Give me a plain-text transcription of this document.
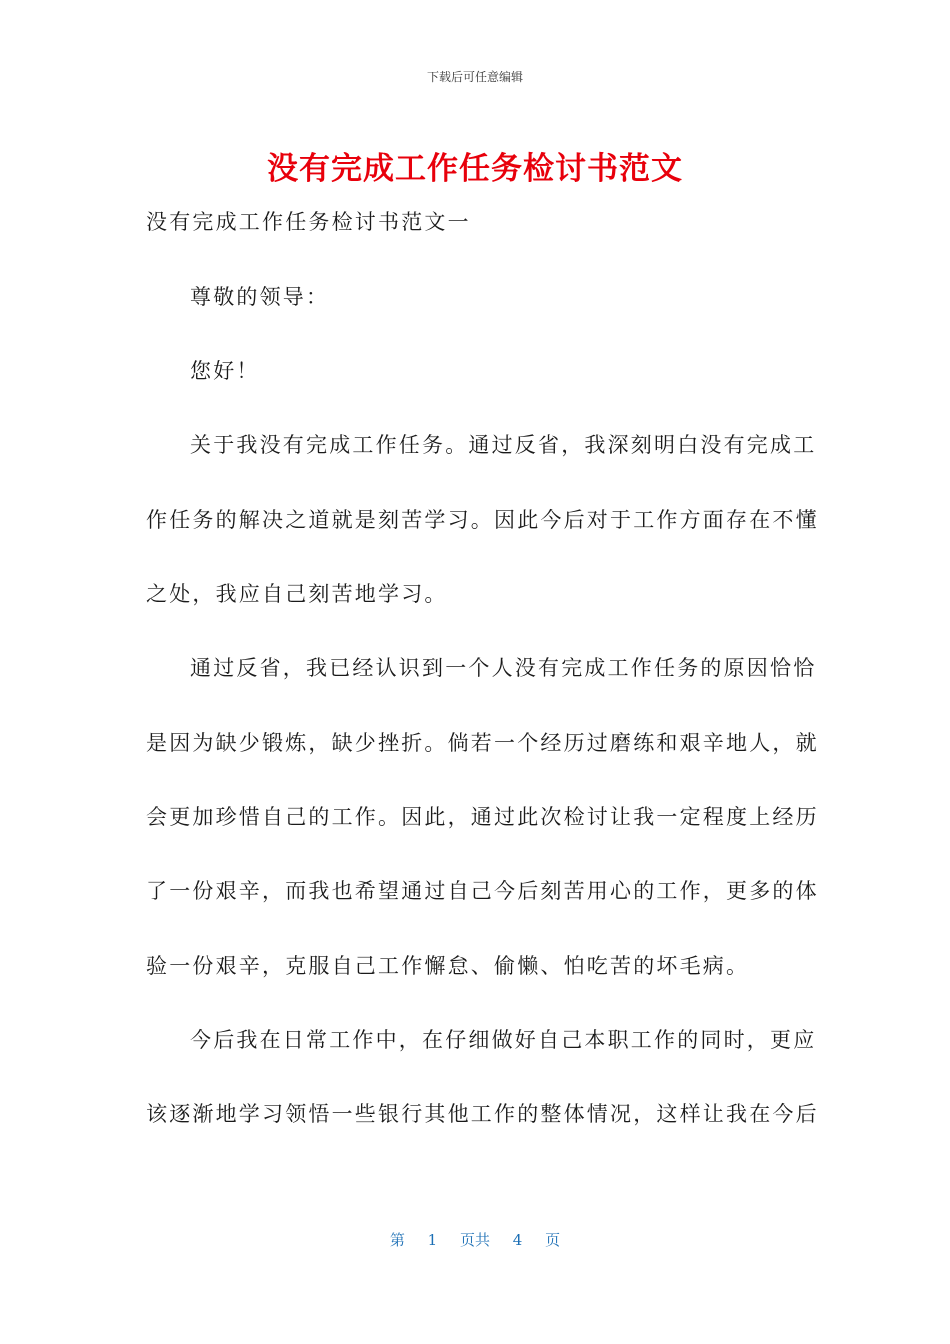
下载后可任意编辑
没有完成工作任务检讨书范文
没有完成工作任务检讨书范文一
尊敬的领导：
您好！
关于我没有完成工作任务。通过反省，我深刻明白没有完成工
作任务的解决之道就是刻苦学习。因此今后对于工作方面存在不懂
之处，我应自己刻苦地学习。
通过反省，我已经认识到一个人没有完成工作任务的原因恰恰
是因为缺少锻炼，缺少挫折。倘若一个经历过磨练和艰辛地人，就
会更加珍惜自己的工作。因此，通过此次检讨让我一定程度上经历
了一份艰辛，而我也希望通过自己今后刻苦用心的工作，更多的体
验一份艰辛，克服自己工作懈怠、偷懒、怕吃苦的坏毛病。
今后我在日常工作中，在仔细做好自己本职工作的同时，更应
该逐渐地学习领悟一些银行其他工作的整体情况，这样让我在今后
第 1 页共 4 页
